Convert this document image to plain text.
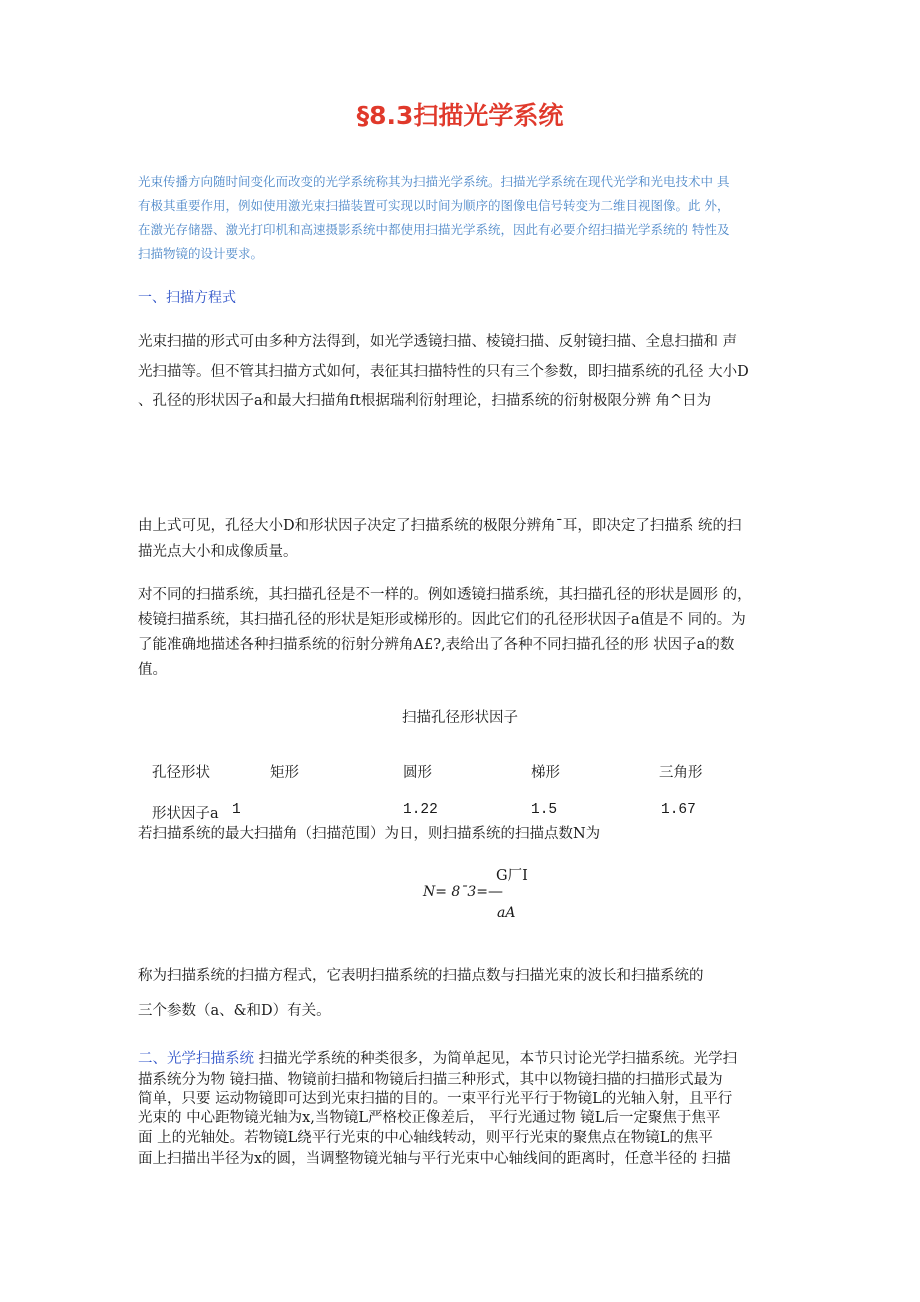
§8.3扫描光学系统
光束传播方向随时间变化而改变的光学系统称其为扫描光学系统。扫描光学系统在现代光学和光电技术中 具
有极其重要作用，例如使用激光束扫描装置可实现以时间为顺序的图像电信号转变为二维目视图像。此 外，
在激光存储器、激光打印机和高速摄影系统中都使用扫描光学系统，因此有必要介绍扫描光学系统的 特性及
扫描物镜的设计要求。
一、扫描方程式
光束扫描的形式可由多种方法得到，如光学透镜扫描、棱镜扫描、反射镜扫描、全息扫描和 声
光扫描等。但不管其扫描方式如何，表征其扫描特性的只有三个参数，即扫描系统的孔径 大小D
、孔径的形状因子a和最大扫描角ft根据瑞利衍射理论，扫描系统的衍射极限分辨 角^日为
由上式可见，孔径大小D和形状因子决定了扫描系统的极限分辨角ˉ耳，即决定了扫描系 统的扫
描光点大小和成像质量。
对不同的扫描系统，其扫描孔径是不一样的。例如透镜扫描系统，其扫描孔径的形状是圆形 的，
棱镜扫描系统，其扫描孔径的形状是矩形或梯形的。因此它们的孔径形状因子a值是不 同的。为
了能准确地描述各种扫描系统的衍射分辨角A£?,表给出了各种不同扫描孔径的形 状因子a的数
值。
扫描孔径形状因子
孔径形状	矩形	圆形	梯形	三角形
形状因子a 1	1.22	1.5	1.67
若扫描系统的最大扫描角（扫描范围）为日，则扫描系统的扫描点数N为
G厂I
N= 8ˉ3= —
aA
称为扫描系统的扫描方程式，它表明扫描系统的扫描点数与扫描光束的波长和扫描系统的
三个参数（a、&和D）有关。
二、光学扫描系统 扫描光学系统的种类很多，为简单起见，本节只讨论光学扫描系统。光学扫
描系统分为物 镜扫描、物镜前扫描和物镜后扫描三种形式，其中以物镜扫描的扫描形式最为
简单，只要 运动物镜即可达到光束扫描的目的。一束平行光平行于物镜L的光轴入射，且平行
光束的 中心距物镜光轴为x,当物镜L严格校正像差后， 平行光通过物 镜L后一定聚焦于焦平
面 上的光轴处。若物镜L绕平行光束的中心轴线转动，则平行光束的聚焦点在物镜L的焦平
面上扫描出半径为x的圆，当调整物镜光轴与平行光束中心轴线间的距离时，任意半径的 扫描
